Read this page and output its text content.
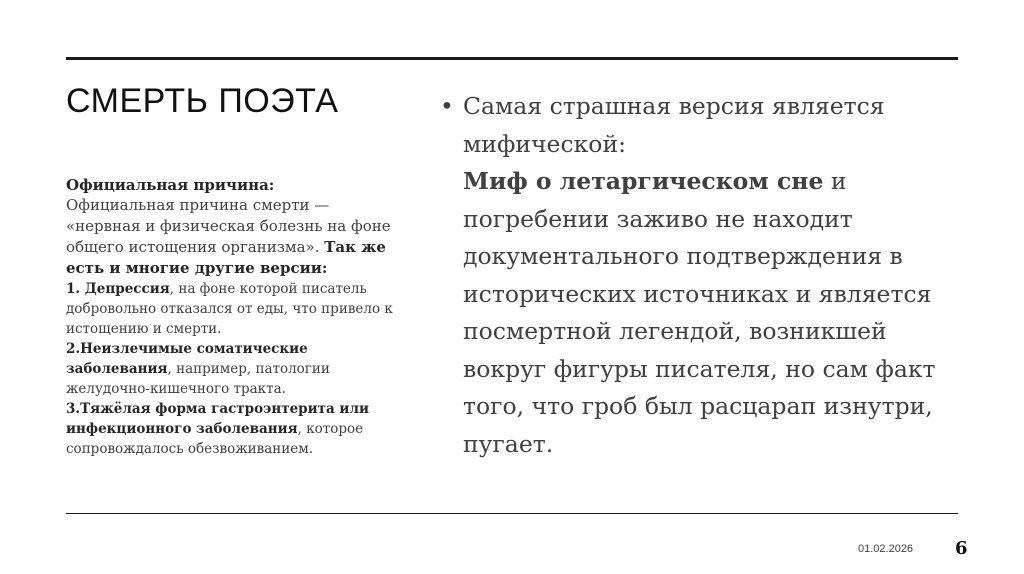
СМЕРТЬ ПОЭТА
Официальная причина:
Официальная причина смерти — «нервная и физическая болезнь на фоне общего истощения организма». Так же есть и многие другие версии:
1. Депрессия, на фоне которой писатель добровольно отказался от еды, что привело к истощению и смерти.
2.Неизлечимые соматические заболевания, например, патологии желудочно-кишечного тракта.
3.Тяжёлая форма гастроэнтерита или инфекционного заболевания, которое сопровождалось обезвоживанием.
• Самая страшная версия является мифической:
Миф о летаргическом сне и погребении заживо не находит документального подтверждения в исторических источниках и является посмертной легендой, возникшей вокруг фигуры писателя, но сам факт того, что гроб был расцарап изнутри, пугает.
01.02.2026 6
